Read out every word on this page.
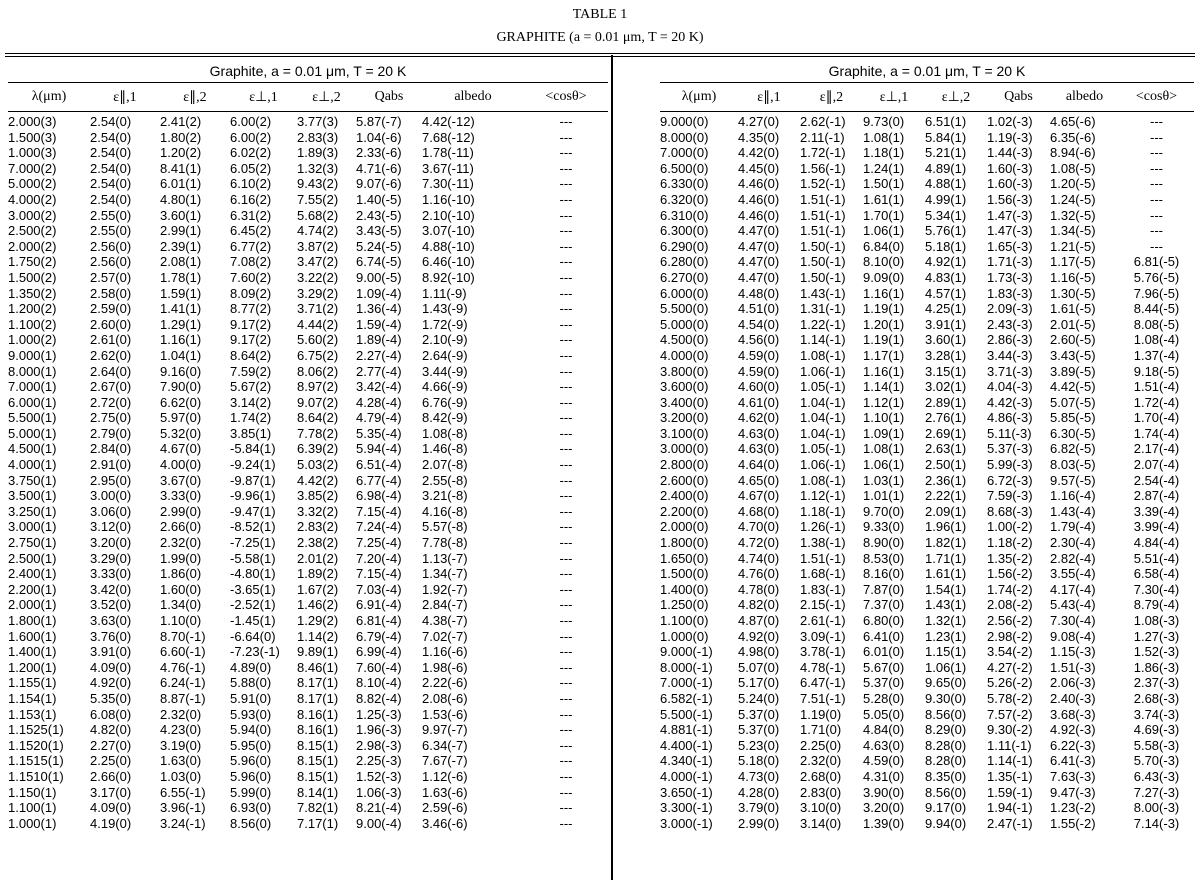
TABLE 1
GRAPHITE (a = 0.01 μm, T = 20 K)
Graphite, a = 0.01 μm, T = 20 K
λ(μm)	ε∥,1	ε∥,2	ε⊥,1	ε⊥,2	Qabs	albedo	<cosθ>
2.000(3)	2.54(0)	2.41(2)	6.00(2)	3.77(3)	5.87(-7)	4.42(-12)	---
1.500(3)	2.54(0)	1.80(2)	6.00(2)	2.83(3)	1.04(-6)	7.68(-12)	---
1.000(3)	2.54(0)	1.20(2)	6.02(2)	1.89(3)	2.33(-6)	1.78(-11)	---
7.000(2)	2.54(0)	8.41(1)	6.05(2)	1.32(3)	4.71(-6)	3.67(-11)	---
5.000(2)	2.54(0)	6.01(1)	6.10(2)	9.43(2)	9.07(-6)	7.30(-11)	---
4.000(2)	2.54(0)	4.80(1)	6.16(2)	7.55(2)	1.40(-5)	1.16(-10)	---
3.000(2)	2.55(0)	3.60(1)	6.31(2)	5.68(2)	2.43(-5)	2.10(-10)	---
2.500(2)	2.55(0)	2.99(1)	6.45(2)	4.74(2)	3.43(-5)	3.07(-10)	---
2.000(2)	2.56(0)	2.39(1)	6.77(2)	3.87(2)	5.24(-5)	4.88(-10)	---
1.750(2)	2.56(0)	2.08(1)	7.08(2)	3.47(2)	6.74(-5)	6.46(-10)	---
1.500(2)	2.57(0)	1.78(1)	7.60(2)	3.22(2)	9.00(-5)	8.92(-10)	---
1.350(2)	2.58(0)	1.59(1)	8.09(2)	3.29(2)	1.09(-4)	1.11(-9)	---
1.200(2)	2.59(0)	1.41(1)	8.77(2)	3.71(2)	1.36(-4)	1.43(-9)	---
1.100(2)	2.60(0)	1.29(1)	9.17(2)	4.44(2)	1.59(-4)	1.72(-9)	---
1.000(2)	2.61(0)	1.16(1)	9.17(2)	5.60(2)	1.89(-4)	2.10(-9)	---
9.000(1)	2.62(0)	1.04(1)	8.64(2)	6.75(2)	2.27(-4)	2.64(-9)	---
8.000(1)	2.64(0)	9.16(0)	7.59(2)	8.06(2)	2.77(-4)	3.44(-9)	---
7.000(1)	2.67(0)	7.90(0)	5.67(2)	8.97(2)	3.42(-4)	4.66(-9)	---
6.000(1)	2.72(0)	6.62(0)	3.14(2)	9.07(2)	4.28(-4)	6.76(-9)	---
5.500(1)	2.75(0)	5.97(0)	1.74(2)	8.64(2)	4.79(-4)	8.42(-9)	---
5.000(1)	2.79(0)	5.32(0)	3.85(1)	7.78(2)	5.35(-4)	1.08(-8)	---
4.500(1)	2.84(0)	4.67(0)	-5.84(1)	6.39(2)	5.94(-4)	1.46(-8)	---
4.000(1)	2.91(0)	4.00(0)	-9.24(1)	5.03(2)	6.51(-4)	2.07(-8)	---
3.750(1)	2.95(0)	3.67(0)	-9.87(1)	4.42(2)	6.77(-4)	2.55(-8)	---
3.500(1)	3.00(0)	3.33(0)	-9.96(1)	3.85(2)	6.98(-4)	3.21(-8)	---
3.250(1)	3.06(0)	2.99(0)	-9.47(1)	3.32(2)	7.15(-4)	4.16(-8)	---
3.000(1)	3.12(0)	2.66(0)	-8.52(1)	2.83(2)	7.24(-4)	5.57(-8)	---
2.750(1)	3.20(0)	2.32(0)	-7.25(1)	2.38(2)	7.25(-4)	7.78(-8)	---
2.500(1)	3.29(0)	1.99(0)	-5.58(1)	2.01(2)	7.20(-4)	1.13(-7)	---
2.400(1)	3.33(0)	1.86(0)	-4.80(1)	1.89(2)	7.15(-4)	1.34(-7)	---
2.200(1)	3.42(0)	1.60(0)	-3.65(1)	1.67(2)	7.03(-4)	1.92(-7)	---
2.000(1)	3.52(0)	1.34(0)	-2.52(1)	1.46(2)	6.91(-4)	2.84(-7)	---
1.800(1)	3.63(0)	1.10(0)	-1.45(1)	1.29(2)	6.81(-4)	4.38(-7)	---
1.600(1)	3.76(0)	8.70(-1)	-6.64(0)	1.14(2)	6.79(-4)	7.02(-7)	---
1.400(1)	3.91(0)	6.60(-1)	-7.23(-1)	9.89(1)	6.99(-4)	1.16(-6)	---
1.200(1)	4.09(0)	4.76(-1)	4.89(0)	8.46(1)	7.60(-4)	1.98(-6)	---
1.155(1)	4.92(0)	6.24(-1)	5.88(0)	8.17(1)	8.10(-4)	2.22(-6)	---
1.154(1)	5.35(0)	8.87(-1)	5.91(0)	8.17(1)	8.82(-4)	2.08(-6)	---
1.153(1)	6.08(0)	2.32(0)	5.93(0)	8.16(1)	1.25(-3)	1.53(-6)	---
1.1525(1)	4.82(0)	4.23(0)	5.94(0)	8.16(1)	1.96(-3)	9.97(-7)	---
1.1520(1)	2.27(0)	3.19(0)	5.95(0)	8.15(1)	2.98(-3)	6.34(-7)	---
1.1515(1)	2.25(0)	1.63(0)	5.96(0)	8.15(1)	2.25(-3)	7.67(-7)	---
1.1510(1)	2.66(0)	1.03(0)	5.96(0)	8.15(1)	1.52(-3)	1.12(-6)	---
1.150(1)	3.17(0)	6.55(-1)	5.99(0)	8.14(1)	1.06(-3)	1.63(-6)	---
1.100(1)	4.09(0)	3.96(-1)	6.93(0)	7.82(1)	8.21(-4)	2.59(-6)	---
1.000(1)	4.19(0)	3.24(-1)	8.56(0)	7.17(1)	9.00(-4)	3.46(-6)	---
Graphite, a = 0.01 μm, T = 20 K
λ(μm)	ε∥,1	ε∥,2	ε⊥,1	ε⊥,2	Qabs	albedo	<cosθ>
9.000(0)	4.27(0)	2.62(-1)	9.73(0)	6.51(1)	1.02(-3)	4.65(-6)	---
8.000(0)	4.35(0)	2.11(-1)	1.08(1)	5.84(1)	1.19(-3)	6.35(-6)	---
7.000(0)	4.42(0)	1.72(-1)	1.18(1)	5.21(1)	1.44(-3)	8.94(-6)	---
6.500(0)	4.45(0)	1.56(-1)	1.24(1)	4.89(1)	1.60(-3)	1.08(-5)	---
6.330(0)	4.46(0)	1.52(-1)	1.50(1)	4.88(1)	1.60(-3)	1.20(-5)	---
6.320(0)	4.46(0)	1.51(-1)	1.61(1)	4.99(1)	1.56(-3)	1.24(-5)	---
6.310(0)	4.46(0)	1.51(-1)	1.70(1)	5.34(1)	1.47(-3)	1.32(-5)	---
6.300(0)	4.47(0)	1.51(-1)	1.06(1)	5.76(1)	1.47(-3)	1.34(-5)	---
6.290(0)	4.47(0)	1.50(-1)	6.84(0)	5.18(1)	1.65(-3)	1.21(-5)	---
6.280(0)	4.47(0)	1.50(-1)	8.10(0)	4.92(1)	1.71(-3)	1.17(-5)	6.81(-5)
6.270(0)	4.47(0)	1.50(-1)	9.09(0)	4.83(1)	1.73(-3)	1.16(-5)	5.76(-5)
6.000(0)	4.48(0)	1.43(-1)	1.16(1)	4.57(1)	1.83(-3)	1.30(-5)	7.96(-5)
5.500(0)	4.51(0)	1.31(-1)	1.19(1)	4.25(1)	2.09(-3)	1.61(-5)	8.44(-5)
5.000(0)	4.54(0)	1.22(-1)	1.20(1)	3.91(1)	2.43(-3)	2.01(-5)	8.08(-5)
4.500(0)	4.56(0)	1.14(-1)	1.19(1)	3.60(1)	2.86(-3)	2.60(-5)	1.08(-4)
4.000(0)	4.59(0)	1.08(-1)	1.17(1)	3.28(1)	3.44(-3)	3.43(-5)	1.37(-4)
3.800(0)	4.59(0)	1.06(-1)	1.16(1)	3.15(1)	3.71(-3)	3.89(-5)	9.18(-5)
3.600(0)	4.60(0)	1.05(-1)	1.14(1)	3.02(1)	4.04(-3)	4.42(-5)	1.51(-4)
3.400(0)	4.61(0)	1.04(-1)	1.12(1)	2.89(1)	4.42(-3)	5.07(-5)	1.72(-4)
3.200(0)	4.62(0)	1.04(-1)	1.10(1)	2.76(1)	4.86(-3)	5.85(-5)	1.70(-4)
3.100(0)	4.63(0)	1.04(-1)	1.09(1)	2.69(1)	5.11(-3)	6.30(-5)	1.74(-4)
3.000(0)	4.63(0)	1.05(-1)	1.08(1)	2.63(1)	5.37(-3)	6.82(-5)	2.17(-4)
2.800(0)	4.64(0)	1.06(-1)	1.06(1)	2.50(1)	5.99(-3)	8.03(-5)	2.07(-4)
2.600(0)	4.65(0)	1.08(-1)	1.03(1)	2.36(1)	6.72(-3)	9.57(-5)	2.54(-4)
2.400(0)	4.67(0)	1.12(-1)	1.01(1)	2.22(1)	7.59(-3)	1.16(-4)	2.87(-4)
2.200(0)	4.68(0)	1.18(-1)	9.70(0)	2.09(1)	8.68(-3)	1.43(-4)	3.39(-4)
2.000(0)	4.70(0)	1.26(-1)	9.33(0)	1.96(1)	1.00(-2)	1.79(-4)	3.99(-4)
1.800(0)	4.72(0)	1.38(-1)	8.90(0)	1.82(1)	1.18(-2)	2.30(-4)	4.84(-4)
1.650(0)	4.74(0)	1.51(-1)	8.53(0)	1.71(1)	1.35(-2)	2.82(-4)	5.51(-4)
1.500(0)	4.76(0)	1.68(-1)	8.16(0)	1.61(1)	1.56(-2)	3.55(-4)	6.58(-4)
1.400(0)	4.78(0)	1.83(-1)	7.87(0)	1.54(1)	1.74(-2)	4.17(-4)	7.30(-4)
1.250(0)	4.82(0)	2.15(-1)	7.37(0)	1.43(1)	2.08(-2)	5.43(-4)	8.79(-4)
1.100(0)	4.87(0)	2.61(-1)	6.80(0)	1.32(1)	2.56(-2)	7.30(-4)	1.08(-3)
1.000(0)	4.92(0)	3.09(-1)	6.41(0)	1.23(1)	2.98(-2)	9.08(-4)	1.27(-3)
9.000(-1)	4.98(0)	3.78(-1)	6.01(0)	1.15(1)	3.54(-2)	1.15(-3)	1.52(-3)
8.000(-1)	5.07(0)	4.78(-1)	5.67(0)	1.06(1)	4.27(-2)	1.51(-3)	1.86(-3)
7.000(-1)	5.17(0)	6.47(-1)	5.37(0)	9.65(0)	5.26(-2)	2.06(-3)	2.37(-3)
6.582(-1)	5.24(0)	7.51(-1)	5.28(0)	9.30(0)	5.78(-2)	2.40(-3)	2.68(-3)
5.500(-1)	5.37(0)	1.19(0)	5.05(0)	8.56(0)	7.57(-2)	3.68(-3)	3.74(-3)
4.881(-1)	5.37(0)	1.71(0)	4.84(0)	8.29(0)	9.30(-2)	4.92(-3)	4.69(-3)
4.400(-1)	5.23(0)	2.25(0)	4.63(0)	8.28(0)	1.11(-1)	6.22(-3)	5.58(-3)
4.340(-1)	5.18(0)	2.32(0)	4.59(0)	8.28(0)	1.14(-1)	6.41(-3)	5.70(-3)
4.000(-1)	4.73(0)	2.68(0)	4.31(0)	8.35(0)	1.35(-1)	7.63(-3)	6.43(-3)
3.650(-1)	4.28(0)	2.83(0)	3.90(0)	8.56(0)	1.59(-1)	9.47(-3)	7.27(-3)
3.300(-1)	3.79(0)	3.10(0)	3.20(0)	9.17(0)	1.94(-1)	1.23(-2)	8.00(-3)
3.000(-1)	2.99(0)	3.14(0)	1.39(0)	9.94(0)	2.47(-1)	1.55(-2)	7.14(-3)
